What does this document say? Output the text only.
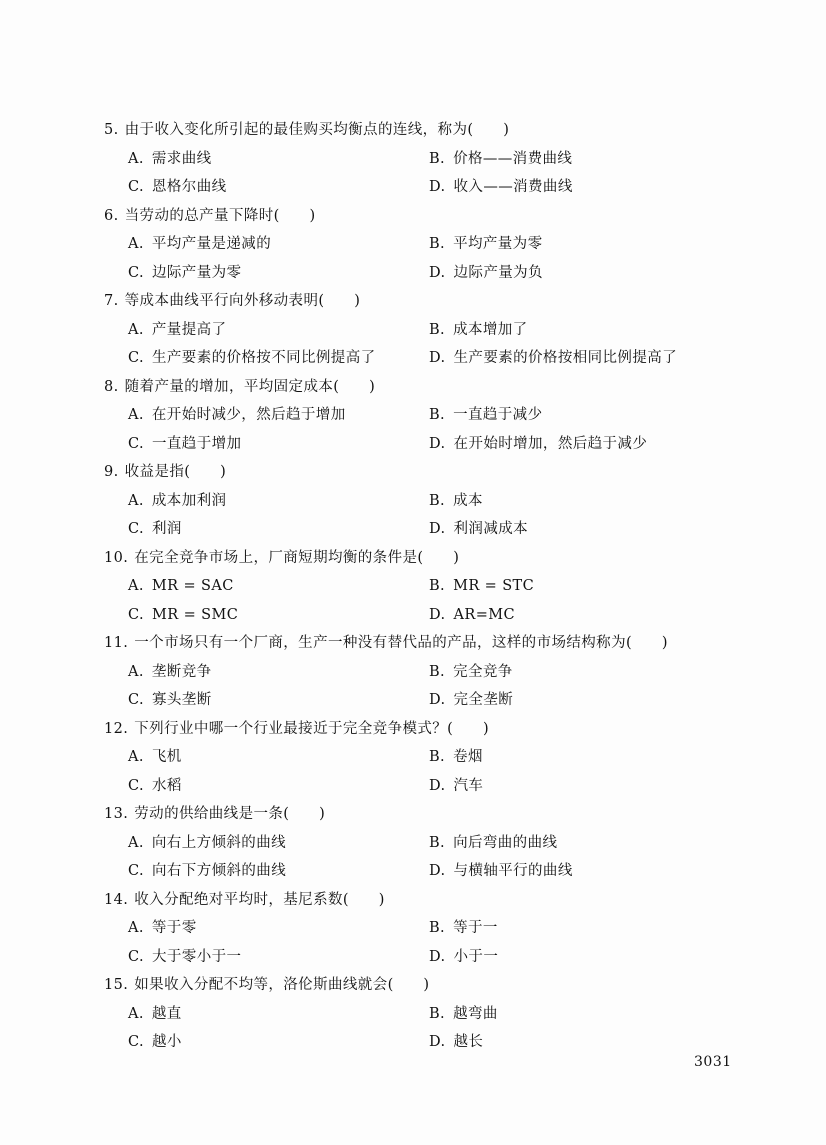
5. 由于收入变化所引起的最佳购买均衡点的连线，称为(　　)
A. 需求曲线	B. 价格——消费曲线
C. 恩格尔曲线	D. 收入——消费曲线
6. 当劳动的总产量下降时(　　)
A. 平均产量是递减的	B. 平均产量为零
C. 边际产量为零	D. 边际产量为负
7. 等成本曲线平行向外移动表明(　　)
A. 产量提高了	B. 成本增加了
C. 生产要素的价格按不同比例提高了	D. 生产要素的价格按相同比例提高了
8. 随着产量的增加，平均固定成本(　　)
A. 在开始时减少，然后趋于增加	B. 一直趋于减少
C. 一直趋于增加	D. 在开始时增加，然后趋于减少
9. 收益是指(　　)
A. 成本加利润	B. 成本
C. 利润	D. 利润减成本
10. 在完全竞争市场上，厂商短期均衡的条件是(　　)
A. MR = SAC	B. MR = STC
C. MR = SMC	D. AR=MC
11. 一个市场只有一个厂商，生产一种没有替代品的产品，这样的市场结构称为(　　)
A. 垄断竞争	B. 完全竞争
C. 寡头垄断	D. 完全垄断
12. 下列行业中哪一个行业最接近于完全竞争模式？(　　)
A. 飞机	B. 卷烟
C. 水稻	D. 汽车
13. 劳动的供给曲线是一条(　　)
A. 向右上方倾斜的曲线	B. 向后弯曲的曲线
C. 向右下方倾斜的曲线	D. 与横轴平行的曲线
14. 收入分配绝对平均时，基尼系数(　　)
A. 等于零	B. 等于一
C. 大于零小于一	D. 小于一
15. 如果收入分配不均等，洛伦斯曲线就会(　　)
A. 越直	B. 越弯曲
C. 越小	D. 越长
3031
